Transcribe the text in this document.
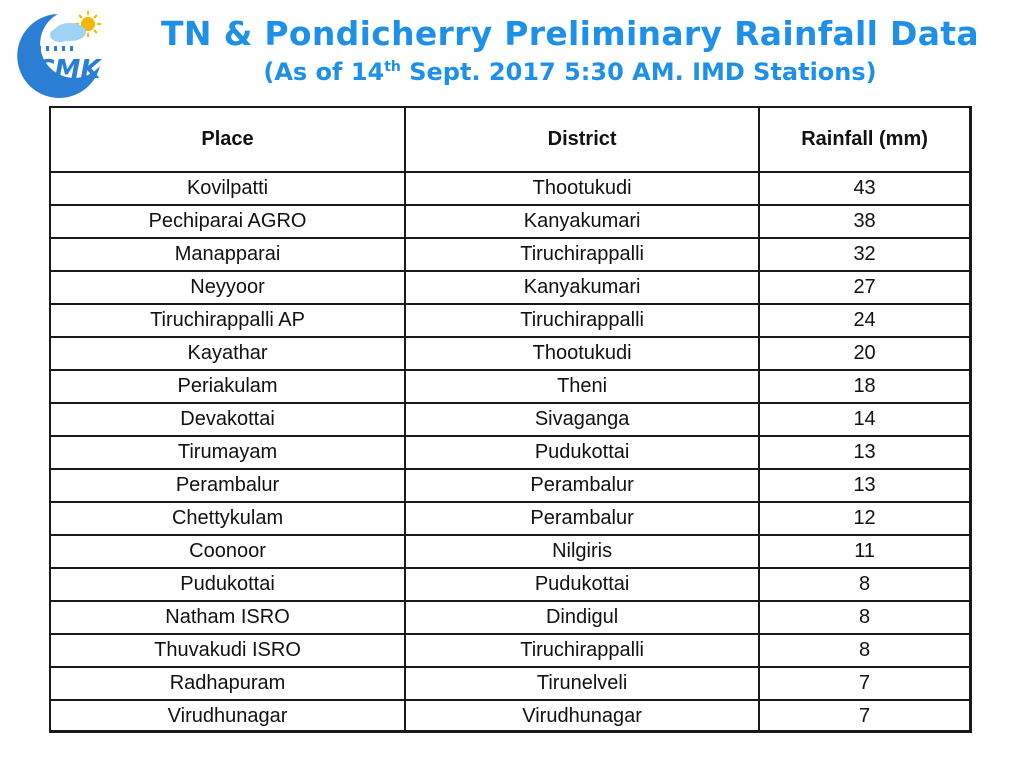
CMK
TN & Pondicherry Preliminary Rainfall Data
(As of 14th Sept. 2017 5:30 AM. IMD Stations)
Place	District	Rainfall (mm)
Kovilpatti	Thootukudi	43
Pechiparai AGRO	Kanyakumari	38
Manapparai	Tiruchirappalli	32
Neyyoor	Kanyakumari	27
Tiruchirappalli AP	Tiruchirappalli	24
Kayathar	Thootukudi	20
Periakulam	Theni	18
Devakottai	Sivaganga	14
Tirumayam	Pudukottai	13
Perambalur	Perambalur	13
Chettykulam	Perambalur	12
Coonoor	Nilgiris	11
Pudukottai	Pudukottai	8
Natham ISRO	Dindigul	8
Thuvakudi ISRO	Tiruchirappalli	8
Radhapuram	Tirunelveli	7
Virudhunagar	Virudhunagar	7
